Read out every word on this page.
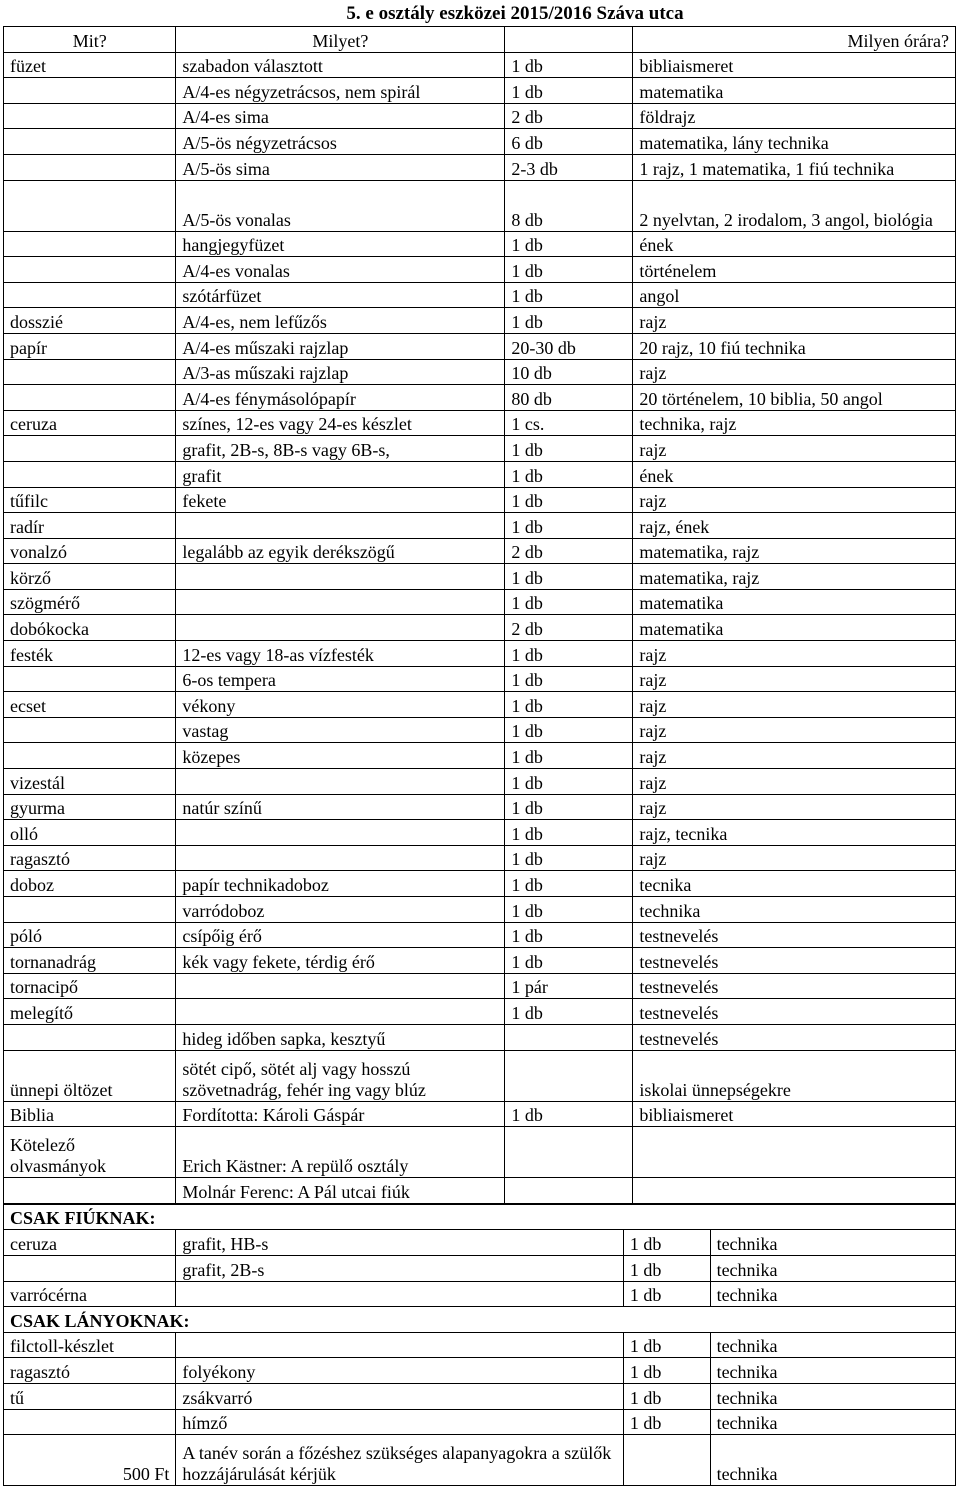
5. e osztály eszközei 2015/2016 Száva utca
Mit?	Milyet?		Milyen órára?
füzet	szabadon választott	1 db	bibliaismeret
	A/4-es négyzetrácsos, nem spirál	1 db	matematika
	A/4-es sima	2 db	földrajz
	A/5-ös négyzetrácsos	6 db	matematika, lány technika
	A/5-ös sima	2-3 db	1 rajz, 1 matematika, 1 fiú technika
	A/5-ös vonalas	8 db	2 nyelvtan, 2 irodalom, 3 angol, biológia
	hangjegyfüzet	1 db	ének
	A/4-es vonalas	1 db	történelem
	szótárfüzet	1 db	angol
dosszié	A/4-es, nem lefűzős	1 db	rajz
papír	A/4-es műszaki rajzlap	20-30 db	20 rajz, 10 fiú technika
	A/3-as műszaki rajzlap	10 db	rajz
	A/4-es fénymásolópapír	80 db	20 történelem, 10 biblia, 50 angol
ceruza	színes, 12-es vagy 24-es készlet	1 cs.	technika, rajz
	grafit, 2B-s, 8B-s vagy 6B-s,	1 db	rajz
	grafit	1 db	ének
tűfilc	fekete	1 db	rajz
radír		1 db	rajz, ének
vonalzó	legalább az egyik derékszögű	2 db	matematika, rajz
körző		1 db	matematika, rajz
szögmérő		1 db	matematika
dobókocka		2 db	matematika
festék	12-es vagy 18-as vízfesték	1 db	rajz
	6-os tempera	1 db	rajz
ecset	vékony	1 db	rajz
	vastag	1 db	rajz
	közepes	1 db	rajz
vizestál		1 db	rajz
gyurma	natúr színű	1 db	rajz
olló		1 db	rajz, tecnika
ragasztó		1 db	rajz
doboz	papír technikadoboz	1 db	tecnika
	varródoboz	1 db	technika
póló	csípőig érő	1 db	testnevelés
tornanadrág	kék vagy fekete, térdig érő	1 db	testnevelés
tornacipő		1 pár	testnevelés
melegítő		1 db	testnevelés
	hideg időben sapka, kesztyű		testnevelés
ünnepi öltözet	sötét cipő, sötét alj vagy hosszú szövetnadrág, fehér ing vagy blúz		iskolai ünnepségekre
Biblia	Fordította: Károli Gáspár	1 db	bibliaismeret
Kötelező olvasmányok	Erich Kästner: A repülő osztály		
	Molnár Ferenc: A Pál utcai fiúk		
CSAK FIÚKNAK:			
ceruza	grafit, HB-s	1 db	technika
	grafit, 2B-s	1 db	technika
varrócérna		1 db	technika
CSAK LÁNYOKNAK:			
filctoll-készlet		1 db	technika
ragasztó	folyékony	1 db	technika
tű	zsákvarró	1 db	technika
	hímző	1 db	technika
500 Ft	A tanév során a főzéshez szükséges alapanyagokra a szülők hozzájárulását kérjük		technika
